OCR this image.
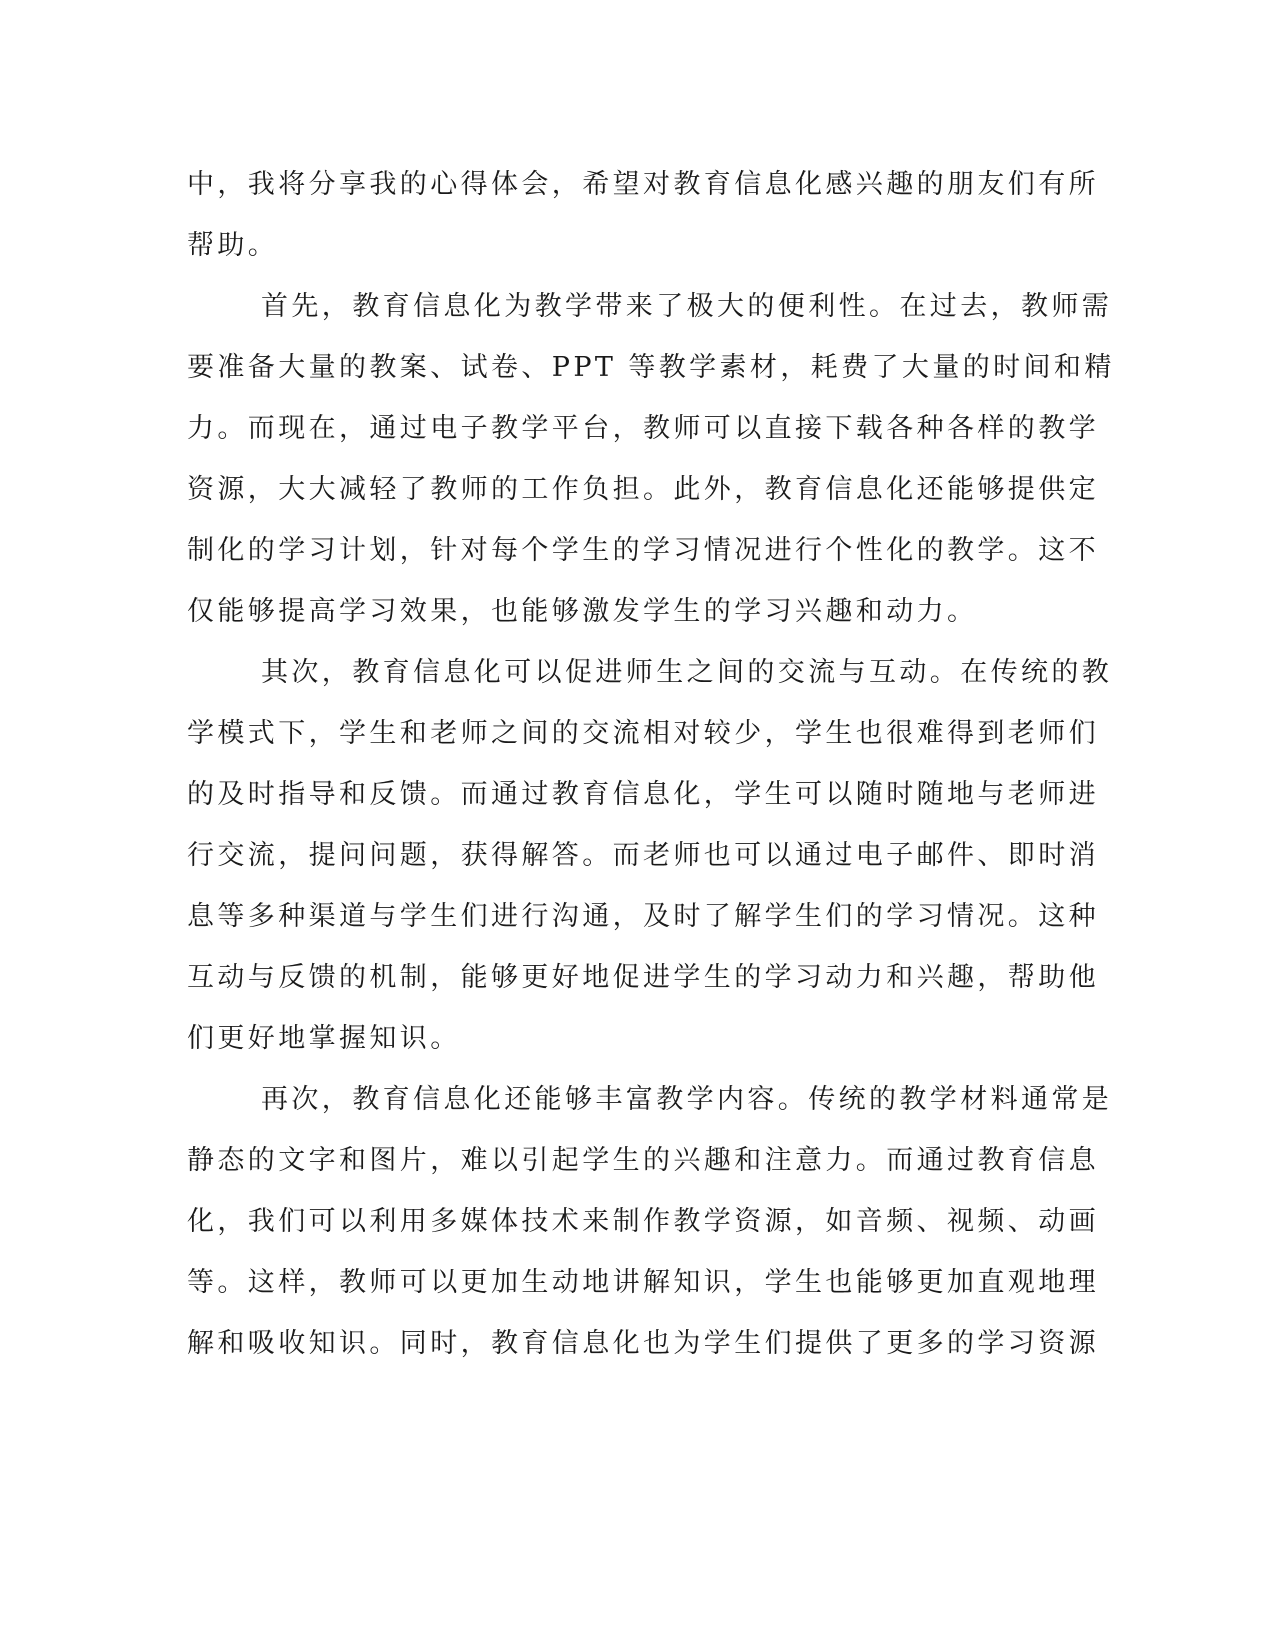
中，我将分享我的心得体会，希望对教育信息化感兴趣的朋友们有所
帮助。
首先，教育信息化为教学带来了极大的便利性。在过去，教师需
要准备大量的教案、试卷、PPT 等教学素材，耗费了大量的时间和精
力。而现在，通过电子教学平台，教师可以直接下载各种各样的教学
资源，大大减轻了教师的工作负担。此外，教育信息化还能够提供定
制化的学习计划，针对每个学生的学习情况进行个性化的教学。这不
仅能够提高学习效果，也能够激发学生的学习兴趣和动力。
其次，教育信息化可以促进师生之间的交流与互动。在传统的教
学模式下，学生和老师之间的交流相对较少，学生也很难得到老师们
的及时指导和反馈。而通过教育信息化，学生可以随时随地与老师进
行交流，提问问题，获得解答。而老师也可以通过电子邮件、即时消
息等多种渠道与学生们进行沟通，及时了解学生们的学习情况。这种
互动与反馈的机制，能够更好地促进学生的学习动力和兴趣，帮助他
们更好地掌握知识。
再次，教育信息化还能够丰富教学内容。传统的教学材料通常是
静态的文字和图片，难以引起学生的兴趣和注意力。而通过教育信息
化，我们可以利用多媒体技术来制作教学资源，如音频、视频、动画
等。这样，教师可以更加生动地讲解知识，学生也能够更加直观地理
解和吸收知识。同时，教育信息化也为学生们提供了更多的学习资源
